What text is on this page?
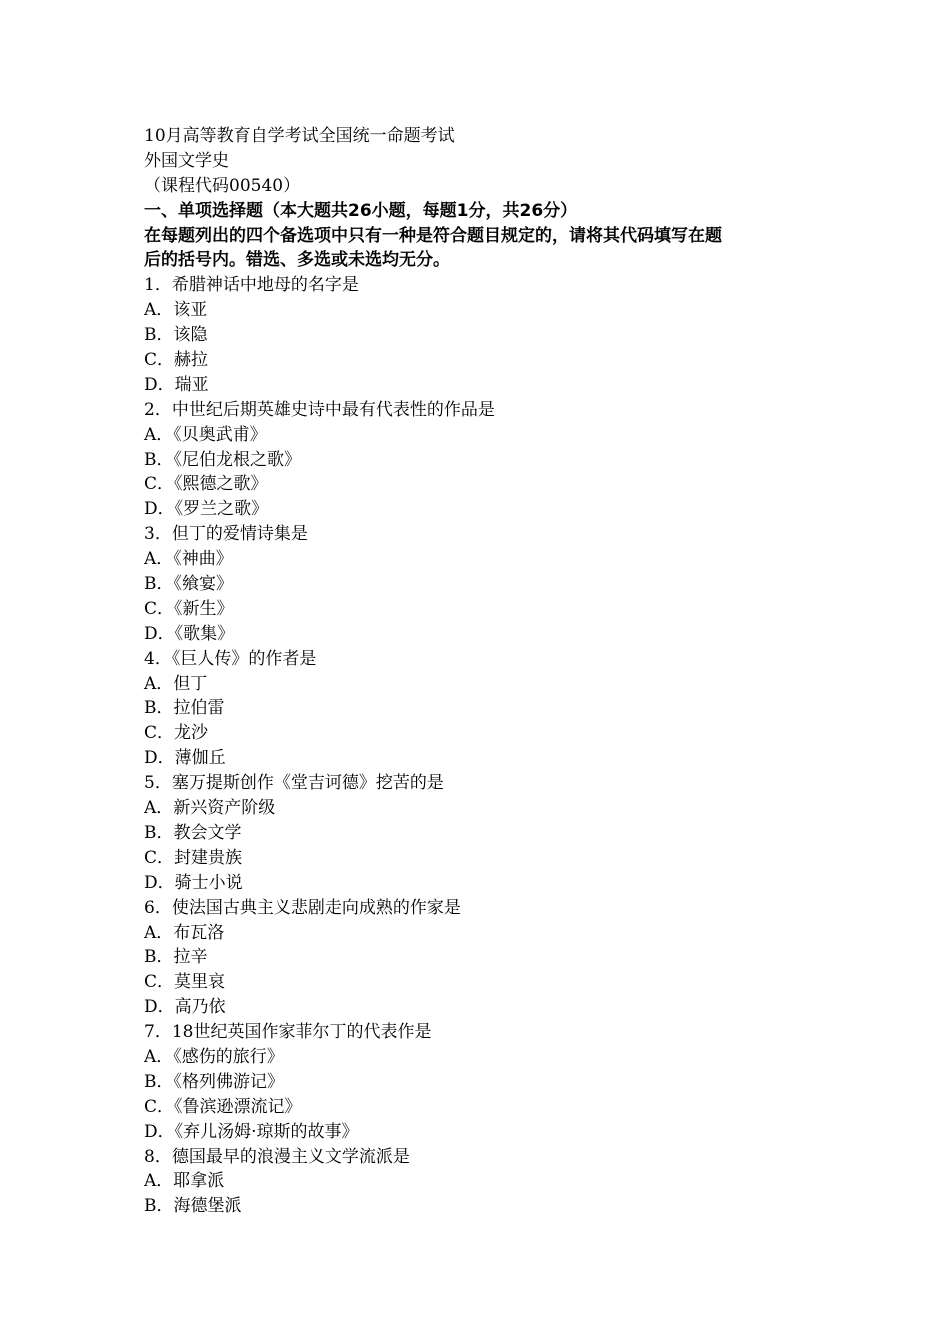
10月高等教育自学考试全国统一命题考试
外国文学史
（课程代码00540）
一、单项选择题（本大题共26小题，每题1分，共26分）
在每题列出的四个备选项中只有一种是符合题目规定的，请将其代码填写在题
后的括号内。错选、多选或未选均无分。
1．希腊神话中地母的名字是
A．该亚
B．该隐
C．赫拉
D．瑞亚
2．中世纪后期英雄史诗中最有代表性的作品是
A．《贝奥武甫》
B．《尼伯龙根之歌》
C．《熙德之歌》
D．《罗兰之歌》
3．但丁的爱情诗集是
A．《神曲》
B．《飨宴》
C．《新生》
D．《歌集》
4．《巨人传》的作者是
A．但丁
B．拉伯雷
C．龙沙
D．薄伽丘
5．塞万提斯创作《堂吉诃德》挖苦的是
A．新兴资产阶级
B．教会文学
C．封建贵族
D．骑士小说
6．使法国古典主义悲剧走向成熟的作家是
A．布瓦洛
B．拉辛
C．莫里哀
D．高乃依
7．18世纪英国作家菲尔丁的代表作是
A．《感伤的旅行》
B．《格列佛游记》
C．《鲁滨逊漂流记》
D．《弃儿汤姆·琼斯的故事》
8．德国最早的浪漫主义文学流派是
A．耶拿派
B．海德堡派
